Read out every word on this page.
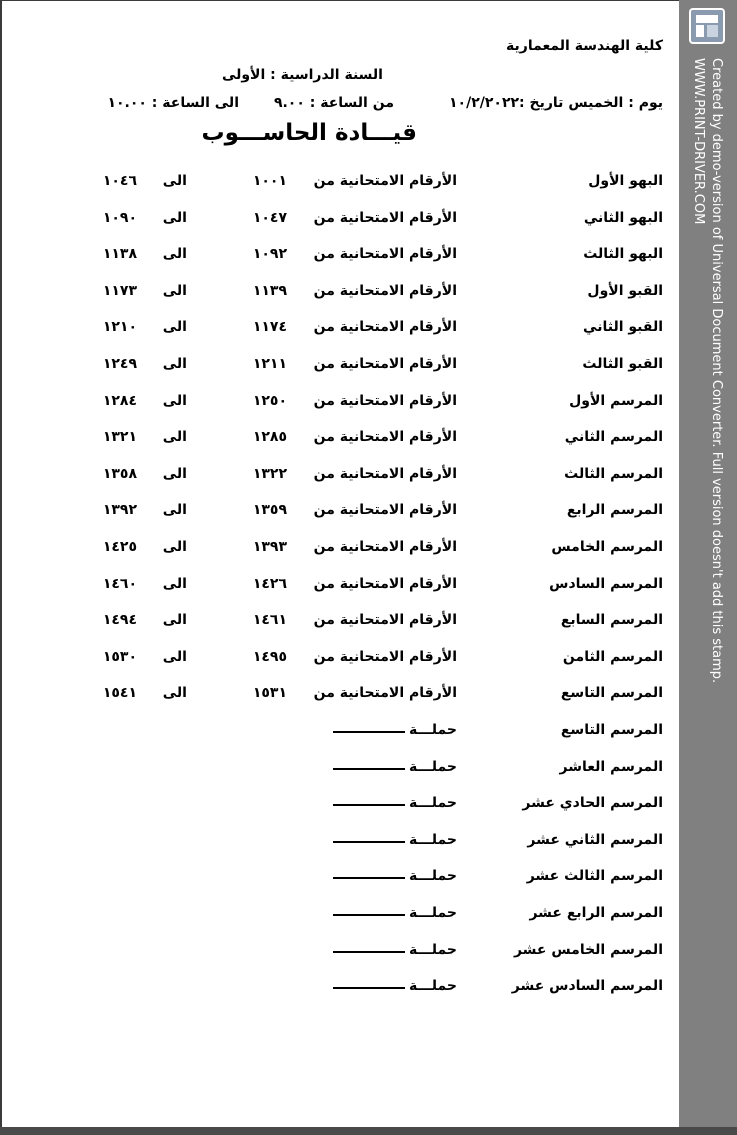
كلية الهندسة المعمارية
السنة الدراسية : الأولى
يوم : الخميس تاريخ :١٠/٢/٢٠٢٢
من الساعة : ٩.٠٠
الى الساعة : ١٠.٠٠
قيـــادة الحاســـوب
البهو الأول
الأرقام الامتحانية من
١٠٠١
الى
١٠٤٦
البهو الثاني
الأرقام الامتحانية من
١٠٤٧
الى
١٠٩٠
البهو الثالث
الأرقام الامتحانية من
١٠٩٢
الى
١١٣٨
القبو الأول
الأرقام الامتحانية من
١١٣٩
الى
١١٧٣
القبو الثاني
الأرقام الامتحانية من
١١٧٤
الى
١٢١٠
القبو الثالث
الأرقام الامتحانية من
١٢١١
الى
١٢٤٩
المرسم الأول
الأرقام الامتحانية من
١٢٥٠
الى
١٢٨٤
المرسم الثاني
الأرقام الامتحانية من
١٢٨٥
الى
١٣٢١
المرسم الثالث
الأرقام الامتحانية من
١٣٢٢
الى
١٣٥٨
المرسم الرابع
الأرقام الامتحانية من
١٣٥٩
الى
١٣٩٢
المرسم الخامس
الأرقام الامتحانية من
١٣٩٣
الى
١٤٢٥
المرسم السادس
الأرقام الامتحانية من
١٤٢٦
الى
١٤٦٠
المرسم السابع
الأرقام الامتحانية من
١٤٦١
الى
١٤٩٤
المرسم الثامن
الأرقام الامتحانية من
١٤٩٥
الى
١٥٣٠
المرسم التاسع
الأرقام الامتحانية من
١٥٣١
الى
١٥٤١
المرسم التاسع
حملـــة
المرسم العاشر
حملـــة
المرسم الحادي عشر
حملـــة
المرسم الثاني عشر
حملـــة
المرسم الثالث عشر
حملـــة
المرسم الرابع عشر
حملـــة
المرسم الخامس عشر
حملـــة
المرسم السادس عشر
حملـــة
Created by demo-version of Universal Document Converter. Full version doesn't add this stamp.
WWW.PRINT-DRIVER.COM
